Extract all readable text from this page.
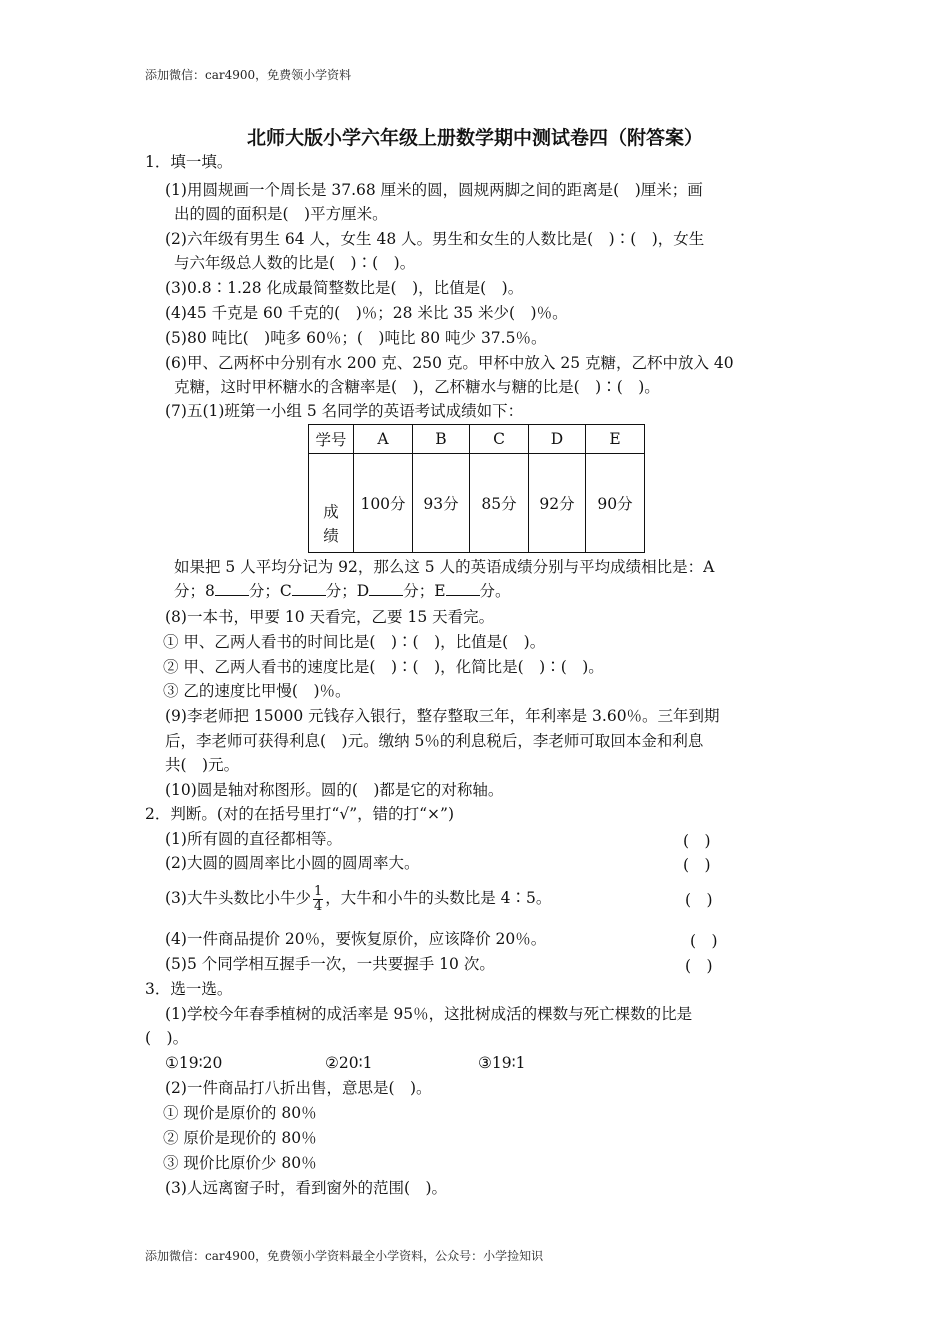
添加微信：car4900，免费领小学资料
北师大版小学六年级上册数学期中测试卷四（附答案）
1．填一填。
(1)用圆规画一个周长是 37.68 厘米的圆，圆规两脚之间的距离是(　)厘米；画
出的圆的面积是(　)平方厘米。
(2)六年级有男生 64 人，女生 48 人。男生和女生的人数比是(　)∶(　)，女生
与六年级总人数的比是(　)∶(　)。
(3)0.8∶1.28 化成最简整数比是(　)，比值是(　)。
(4)45 千克是 60 千克的(　)％；28 米比 35 米少(　)％。
(5)80 吨比(　)吨多 60％；(　)吨比 80 吨少 37.5％。
(6)甲、乙两杯中分别有水 200 克、250 克。甲杯中放入 25 克糖，乙杯中放入 40
克糖，这时甲杯糖水的含糖率是(　)，乙杯糖水与糖的比是(　)∶(　)。
(7)五(1)班第一小组 5 名同学的英语考试成绩如下：
学号	A	B	C	D	E

成
绩	100分	93分	85分	92分	90分
如果把 5 人平均分记为 92，那么这 5 人的英语成绩分别与平均成绩相比是：A
分；8 分；C 分；D 分；E 分。
(8)一本书，甲要 10 天看完，乙要 15 天看完。
① 甲、乙两人看书的时间比是(　)∶(　)，比值是(　)。
② 甲、乙两人看书的速度比是(　)∶(　)，化简比是(　)∶(　)。
③ 乙的速度比甲慢(　)％。
(9)李老师把 15000 元钱存入银行，整存整取三年，年利率是 3.60％。三年到期
后，李老师可获得利息(　)元。缴纳 5％的利息税后，李老师可取回本金和利息
共(　)元。
(10)圆是轴对称图形。圆的(　)都是它的对称轴。
2．判断。(对的在括号里打“√”，错的打“×”)
(1)所有圆的直径都相等。	(　)
(2)大圆的圆周率比小圆的圆周率大。	(　)
(3)大牛头数比小牛少 $\frac{1}{4}$ ，大牛和小牛的头数比是 4∶5。	(　)
(4)一件商品提价 20％，要恢复原价，应该降价 20％。	(　)
(5)5 个同学相互握手一次，一共要握手 10 次。	(　)
3．选一选。
(1)学校今年春季植树的成活率是 95％，这批树成活的棵数与死亡棵数的比是
(　)。
①19∶20	②20∶1	③19∶1
(2)一件商品打八折出售，意思是(　)。
① 现价是原价的 80％
② 原价是现价的 80％
③ 现价比原价少 80％
(3)人远离窗子时，看到窗外的范围(　)。
添加微信：car4900，免费领小学资料最全小学资料，公众号：小学捡知识
